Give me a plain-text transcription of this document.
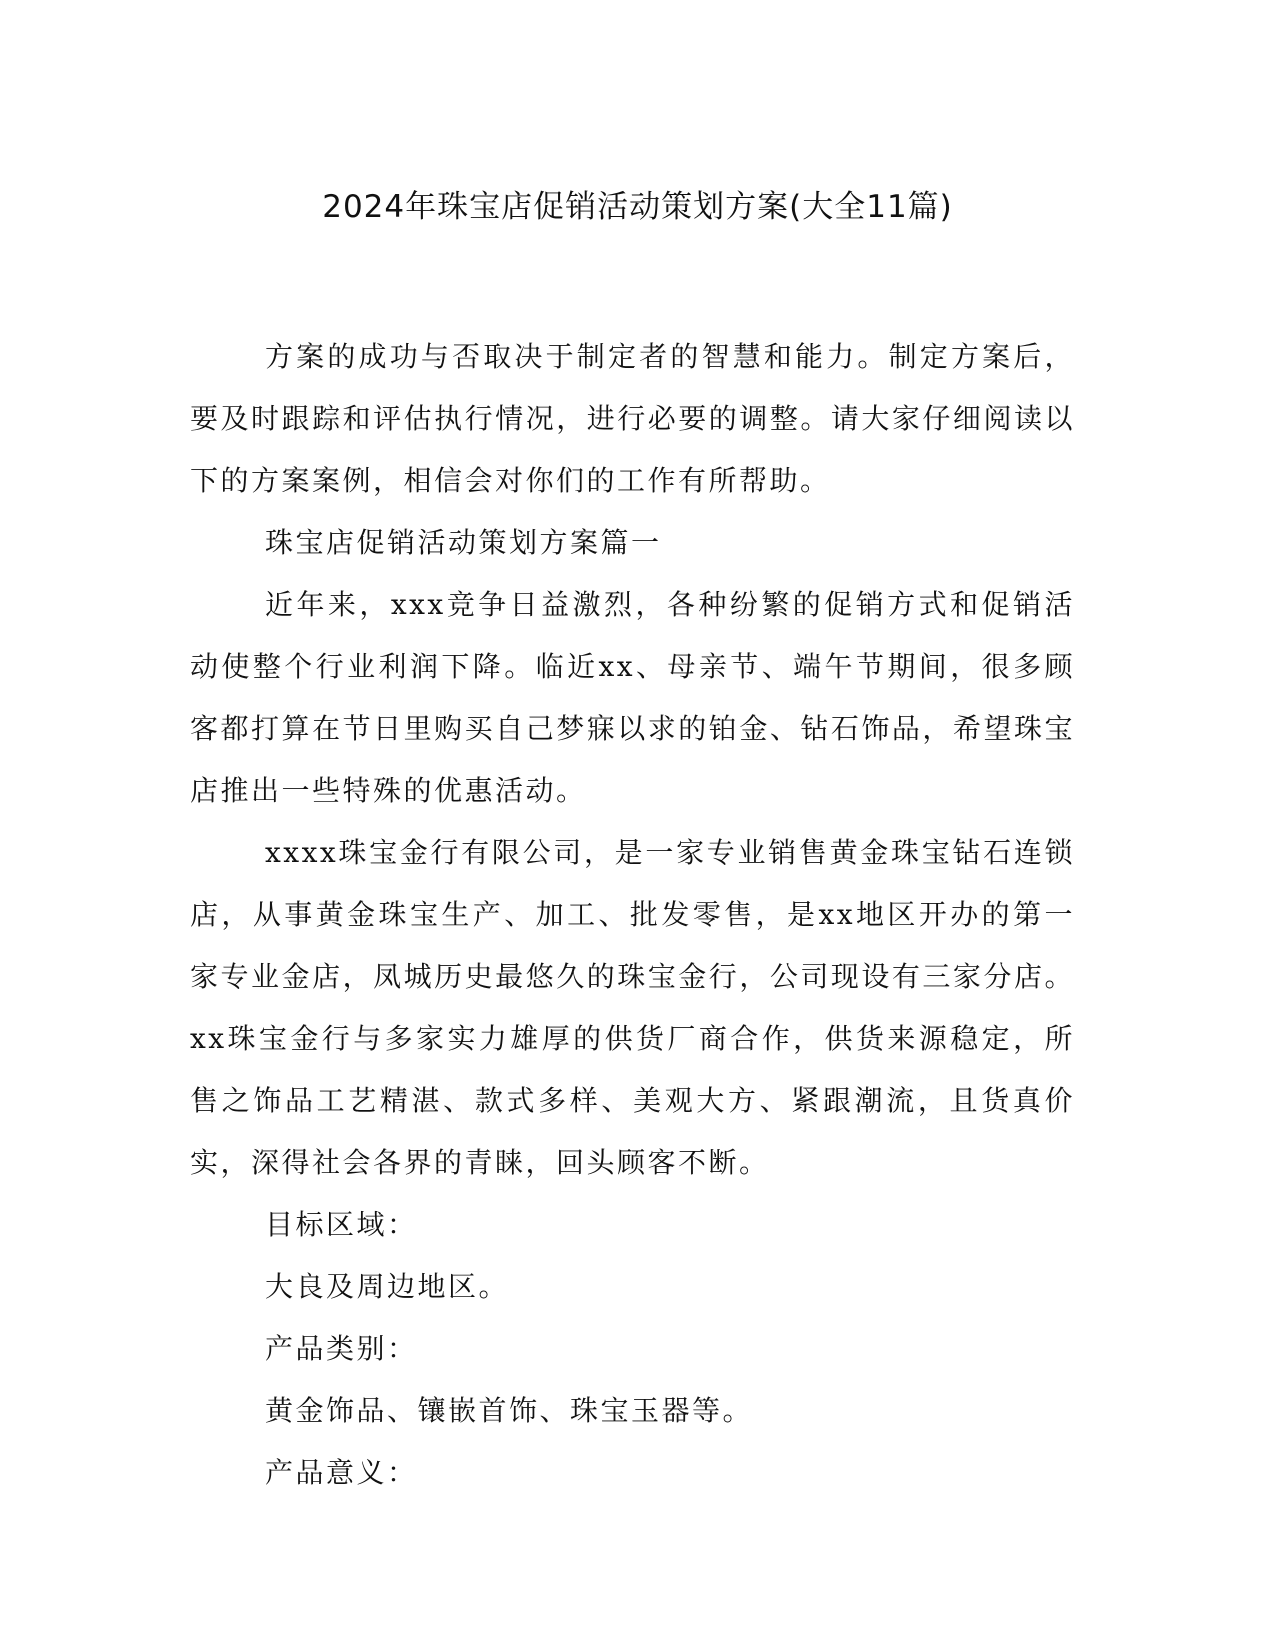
2024年珠宝店促销活动策划方案(大全11篇)

方案的成功与否取决于制定者的智慧和能力。制定方案后，要及时跟踪和评估执行情况，进行必要的调整。请大家仔细阅读以下的方案案例，相信会对你们的工作有所帮助。

珠宝店促销活动策划方案篇一

近年来，xxx竞争日益激烈，各种纷繁的促销方式和促销活动使整个行业利润下降。临近xx、母亲节、端午节期间，很多顾客都打算在节日里购买自己梦寐以求的铂金、钻石饰品，希望珠宝店推出一些特殊的优惠活动。

xxxx珠宝金行有限公司，是一家专业销售黄金珠宝钻石连锁店，从事黄金珠宝生产、加工、批发零售，是xx地区开办的第一家专业金店，凤城历史最悠久的珠宝金行，公司现设有三家分店。xx珠宝金行与多家实力雄厚的供货厂商合作，供货来源稳定，所售之饰品工艺精湛、款式多样、美观大方、紧跟潮流，且货真价实，深得社会各界的青睐，回头顾客不断。

目标区域：

大良及周边地区。

产品类别：

黄金饰品、镶嵌首饰、珠宝玉器等。

产品意义：
